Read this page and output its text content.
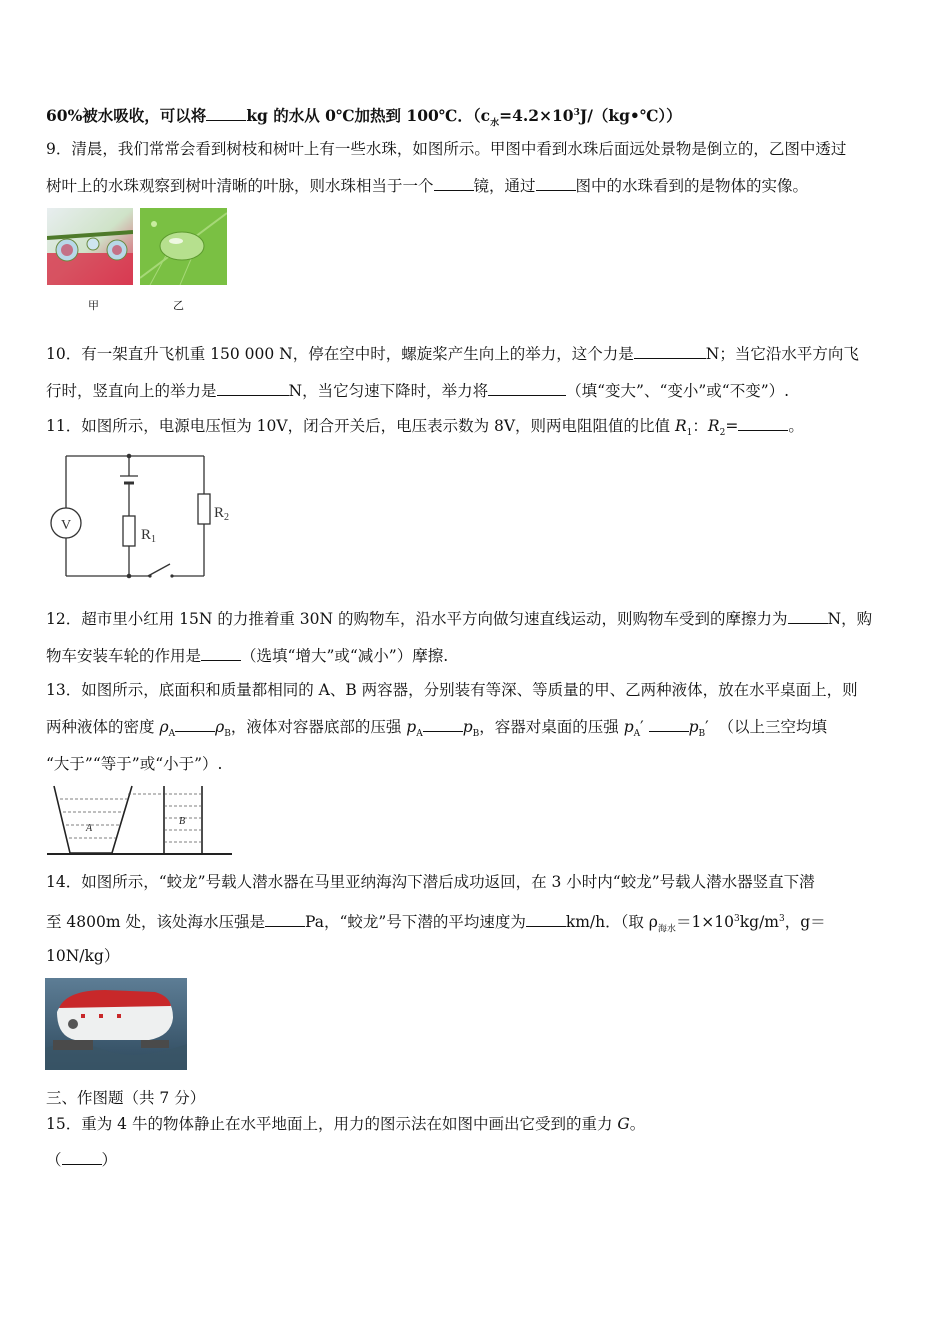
60%被水吸收，可以将	kg 的水从 0℃加热到 100℃．$(c_水=4.2\times 10^3J/(kg•℃))$
9．清晨，我们常常会看到树枝和树叶上有一些水珠，如图所示。甲图中看到水珠后面远处景物是倒立的，乙图中透过
树叶上的水珠观察到树叶清晰的叶脉，则水珠相当于一个	镜，通过	图中的水珠看到的是物体的实像。
甲	乙
10．有一架直升飞机重 150 000 N，停在空中时，螺旋桨产生向上的举力，这个力是	N；当它沿水平方向飞
行时，竖直向上的举力是	N，当它匀速下降时，举力将	（填“变大”、“变小”或“不变”）.
11．如图所示，电源电压恒为 10V，闭合开关后，电压表示数为 8V，则两电阻阻值的比值 $R_1$：$R_2=$	。
V
$R_1$
$R_2$
12．超市里小红用 15N 的力推着重 30N 的购物车，沿水平方向做匀速直线运动，则购物车受到的摩擦力为	N，购
物车安装车轮的作用是	（选填“增大”或“减小”）摩擦.
13．如图所示，底面积和质量都相同的 A、B 两容器，分别装有等深、等质量的甲、乙两种液体，放在水平桌面上，则
两种液体的密度 $\rho_A$	$\rho_B$，液体对容器底部的压强 $p_A$	$p_B$，容器对桌面的压强 $p_A'$	$p_B'$ （以上三空均填
“大于”“等于”或“小于”）.
A
B
14．如图所示，“蛟龙”号载人潜水器在马里亚纳海沟下潜后成功返回，在 3 小时内“蛟龙”号载人潜水器竖直下潜
至 4800m 处，该处海水压强是	Pa，“蛟龙”号下潜的平均速度为	km/h．（取 $\rho_{海水}=1\times 10^3kg/m^3$，g＝
10N/kg）
三、作图题（共 7 分）
15．重为 4 牛的物体静止在水平地面上，用力的图示法在如图中画出它受到的重力 G。
（	）
